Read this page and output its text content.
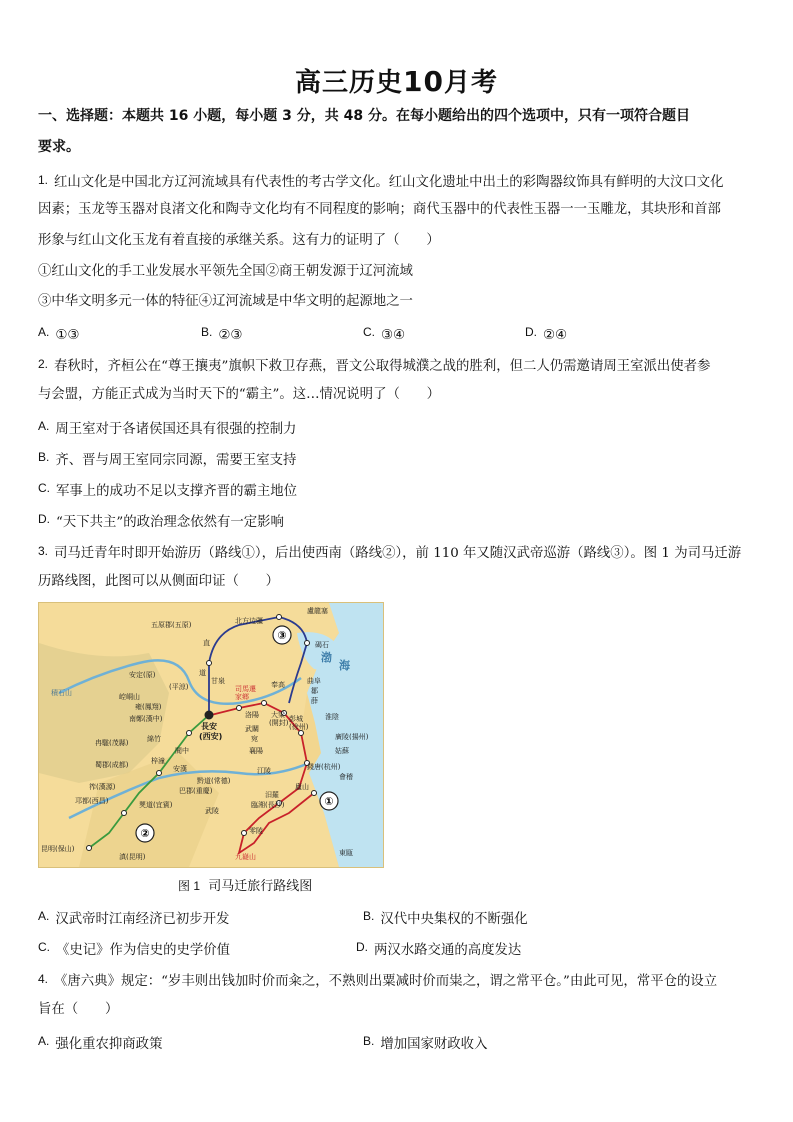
高三历史10月考
一、选择题：本题共 16 小题，每小题 3 分，共 48 分。在每小题给出的四个选项中，只有一项符合题目
要求。
1. 红山文化是中国北方辽河流域具有代表性的考古学文化。红山文化遗址中出土的彩陶器纹饰具有鲜明的大汶口文化
因素；玉龙等玉器对良渚文化和陶寺文化均有不同程度的影响；商代玉器中的代表性玉器一一玉雕龙，其块形和首部
形象与红山文化玉龙有着直接的承继关系。这有力的证明了（　　）
①红山文化的手工业发展水平领先全国②商王朝发源于辽河流域
③中华文明多元一体的特征④辽河流域是中华文明的起源地之一
A. ①③	B. ②③	C. ③④	D. ②④
2. 春秋时，齐桓公在“尊王攘夷”旗帜下救卫存燕，晋文公取得城濮之战的胜利，但二人仍需邀请周王室派出使者参
与会盟，方能正式成为当时天下的“霸主”。这…情况说明了（　　）
A. 周王室对于各诸侯国还具有很强的控制力
B. 齐、晋与周王室同宗同源，需要王室支持
C. 军事上的成功不足以支撑齐晋的霸主地位
D. “天下共主”的政治理念依然有一定影响
3. 司马迁青年时即开始游历（路线①），后出使西南（路线②），前 110 年又随汉武帝巡游（路线③）。图 1 为司马迁游
历路线图，此图可以从侧面印证（　　）
北方边疆
盧龍塞
碣石
五原郡(五原)
直
道
甘泉
司馬遷
家鄉
曲阜
鄒
薛
奉高
洛陽 大梁
(開封) 彭城
(徐州)
淮陰
長安
(西安)
安定(原)
(平涼)
崆峒山
雍(鳳翔)
南鄭(漢中)
武關
宛
襄陽
廣陵(揚州)
姑蘇
錢唐(杭州)
會稽
江陵
黔道(常德)
廬山
臨湘(長沙)
汨羅
武陵
零陵
九嶷山
冉駹(茂縣)	綿竹
蜀郡(成都)
閬中
梓潼
安漢
筰(漢源)
邛都(西昌)
巴郡(重慶)
僰道(宜賓)
昆明(保山)
滇(昆明)	東甌
積石山
渤
海
③
①
②
图 1 司马迁旅行路线图
A. 汉武帝时江南经济已初步开发	B. 汉代中央集权的不断强化
C. 《史记》作为信史的史学价值	D. 两汉水路交通的高度发达
4. 《唐六典》规定：“岁丰则出钱加时价而籴之，不熟则出粟减时价而粜之，谓之常平仓。”由此可见，常平仓的设立
旨在（　　）
A. 强化重农抑商政策	B. 增加国家财政收入
